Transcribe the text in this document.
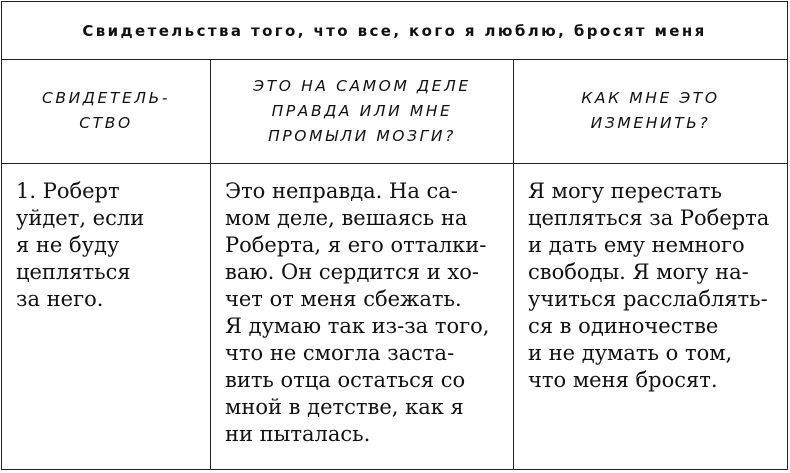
Свидетельства того, что все, кого я люблю, бросят меня
СВИДЕТЕЛЬ-
СТВО
ЭТО НА САМОМ ДЕЛЕ
ПРАВДА ИЛИ МНЕ
ПРОМЫЛИ МОЗГИ?
КАК МНЕ ЭТО
ИЗМЕНИТЬ?
1. Роберт
уйдет, если
я не буду
цепляться
за него.
Это неправда. На са-
мом деле, вешаясь на
Роберта, я его отталки-
ваю. Он сердится и хо-
чет от меня сбежать.
Я думаю так из-за того,
что не смогла застa-
вить отца остаться со
мной в детстве, как я
ни пыталась.
Я могу перестать
цепляться за Роберта
и дать ему немного
свободы. Я могу на-
учиться расслаблять-
ся в одиночестве
и не думать о том,
что меня бросят.
